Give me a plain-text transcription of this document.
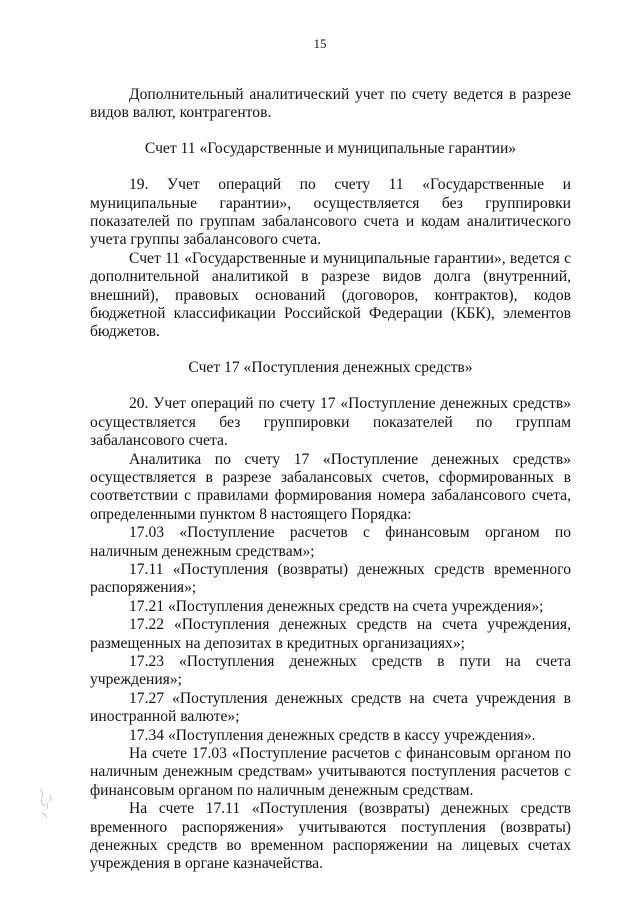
15

Дополнительный аналитический учет по счету ведется в разрезе видов валют, контрагентов.

Счет 11 «Государственные и муниципальные гарантии»

19. Учет операций по счету 11 «Государственные и муниципальные гарантии», осуществляется без группировки показателей по группам забалансового счета и кодам аналитического учета группы забалансового счета.

Счет 11 «Государственные и муниципальные гарантии», ведется с дополнительной аналитикой в разрезе видов долга (внутренний, внешний), правовых оснований (договоров, контрактов), кодов бюджетной классификации Российской Федерации (КБК), элементов бюджетов.

Счет 17 «Поступления денежных средств»

20. Учет операций по счету 17 «Поступление денежных средств» осуществляется без группировки показателей по группам забалансового счета.

Аналитика по счету 17 «Поступление денежных средств» осуществляется в разрезе забалансовых счетов, сформированных в соответствии с правилами формирования номера забалансового счета, определенными пунктом 8 настоящего Порядка:

17.03 «Поступление расчетов с финансовым органом по наличным денежным средствам»;

17.11 «Поступления (возвраты) денежных средств временного распоряжения»;

17.21 «Поступления денежных средств на счета учреждения»;

17.22 «Поступления денежных средств на счета учреждения, размещенных на депозитах в кредитных организациях»;

17.23 «Поступления денежных средств в пути на счета учреждения»;

17.27 «Поступления денежных средств на счета учреждения в иностранной валюте»;

17.34 «Поступления денежных средств в кассу учреждения».

На счете 17.03 «Поступление расчетов с финансовым органом по наличным денежным средствам» учитываются поступления расчетов с финансовым органом по наличным денежным средствам.

На счете 17.11 «Поступления (возвраты) денежных средств временного распоряжения» учитываются поступления (возвраты) денежных средств во временном распоряжении на лицевых счетах учреждения в органе казначейства.
